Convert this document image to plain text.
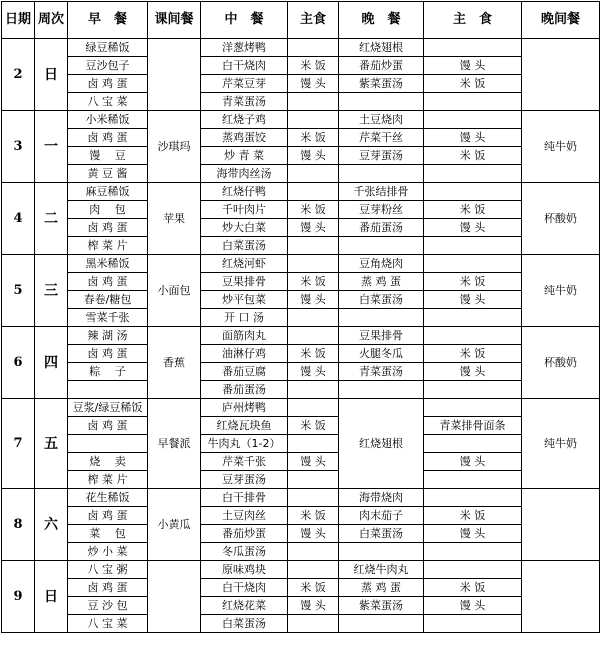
日期	周次	早　餐	课间餐	中　餐	主食	晚　餐	主　食	晚间餐
2	日	绿豆稀饭		洋葱烤鸭		红烧翅根		
		豆沙包子		白干烧肉	米 饭	番茄炒蛋	馒 头	
		卤 鸡 蛋		芹菜豆芽	馒 头	紫菜蛋汤	米 饭	
		八 宝 菜		青菜蛋汤				
3	一	小米稀饭	沙琪玛	红烧子鸡		土豆烧肉		纯牛奶
		卤 鸡 蛋		蒸鸡蛋饺	米 饭	芹菜干丝	馒 头	
		馒　 豆		炒 青 菜	馒 头	豆芽蛋汤	米 饭	
		黄 豆 酱		海带肉丝汤				
4	二	麻豆稀饭	苹果	红烧仔鸭		千张结排骨		杯酸奶
		肉　 包		千叶肉片	米 饭	豆芽粉丝	米 饭	
		卤 鸡 蛋		炒大白菜	馒 头	番茄蛋汤	馒 头	
		榨 菜 片		白菜蛋汤				
5	三	黑米稀饭	小面包	红烧河虾		豆角烧肉		纯牛奶
		卤 鸡 蛋		豆果排骨	米 饭	蒸 鸡 蛋	米 饭	
		春卷/糖包		炒平包菜	馒 头	白菜蛋汤	馒 头	
		雪菜千张		开 口 汤				
6	四	辣 湖 汤	香蕉	面筋肉丸		豆果排骨		杯酸奶
		卤 鸡 蛋		油淋仔鸡	米 饭	火腿冬瓜	米 饭	
		粽　 子		番茄豆腐	馒 头	青菜蛋汤	馒 头	
				番茄蛋汤				
7	五	豆浆/绿豆稀饭	早餐派	庐州烤鸭		红烧翅根		纯牛奶
		卤 鸡 蛋		红烧瓦块鱼	米 饭		青菜排骨面条	
				牛肉丸（1-2）				
		烧　 卖		芹菜千张	馒 头		馒 头	
		榨 菜 片		豆芽蛋汤				
8	六	花生稀饭	小黄瓜	白干排骨		海带烧肉		
		卤 鸡 蛋		土豆肉丝	米 饭	肉末茄子	米 饭	
		菜　 包		番茄炒蛋	馒 头	白菜蛋汤	馒 头	
		炒 小 菜		冬瓜蛋汤				
9	日	八 宝 粥		原味鸡块		红烧牛肉丸		
		卤 鸡 蛋		白干烧肉	米 饭	蒸 鸡 蛋	米 饭	
		豆 沙 包		红烧花菜	馒 头	紫菜蛋汤	馒 头	
		八 宝 菜		白菜蛋汤				
